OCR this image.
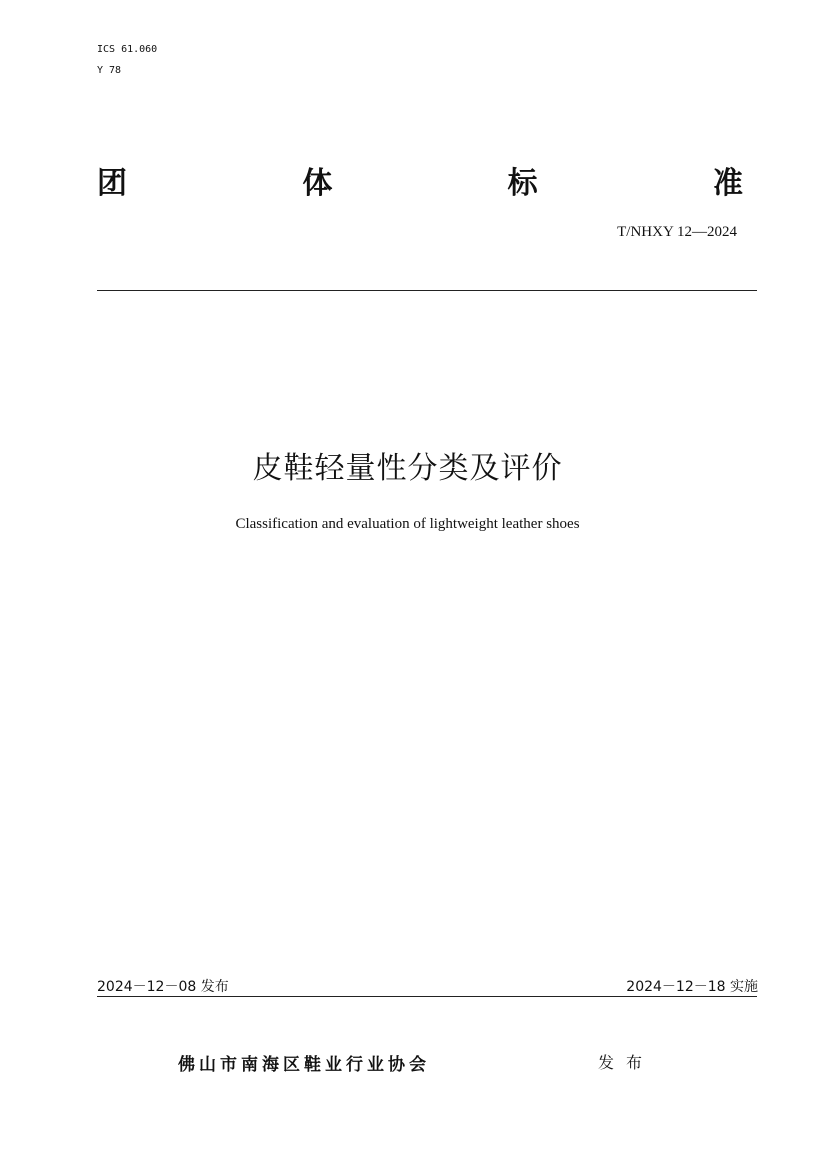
ICS 61.060
Y 78
团	体	标	准
T/NHXY 12—2024
皮鞋轻量性分类及评价
Classification and evaluation of lightweight leather shoes
2024－12－08 发布	2024－12－18 实施
佛山市南海区鞋业行业协会	发布
